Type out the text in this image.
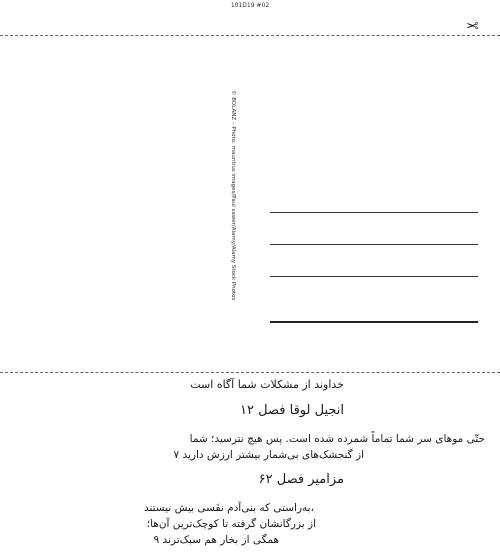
101D19 #02
✂
© BOLANZ – Photo: mauritius images/Paul sawer/Alamy/Alamy Stock Photos
خداوند از مشکلات شما آگاه است
انجیل لوقا فصل ۱۲
حتّی موهای سر شما تماماً شمرده شده است. پس هیچ نترسید؛ شما
از گنجشک‌های بی‌شمار بیشتر ارزش دارید ۷
مزامیر فصل ۶۲
،به‌راستی که بنی‌آدم نفَسی بیش نیستند
از بزرگانشان گرفته تا کوچک‌ترین آن‌ها؛
همگی از بخار هم سبک‌ترند ۹
